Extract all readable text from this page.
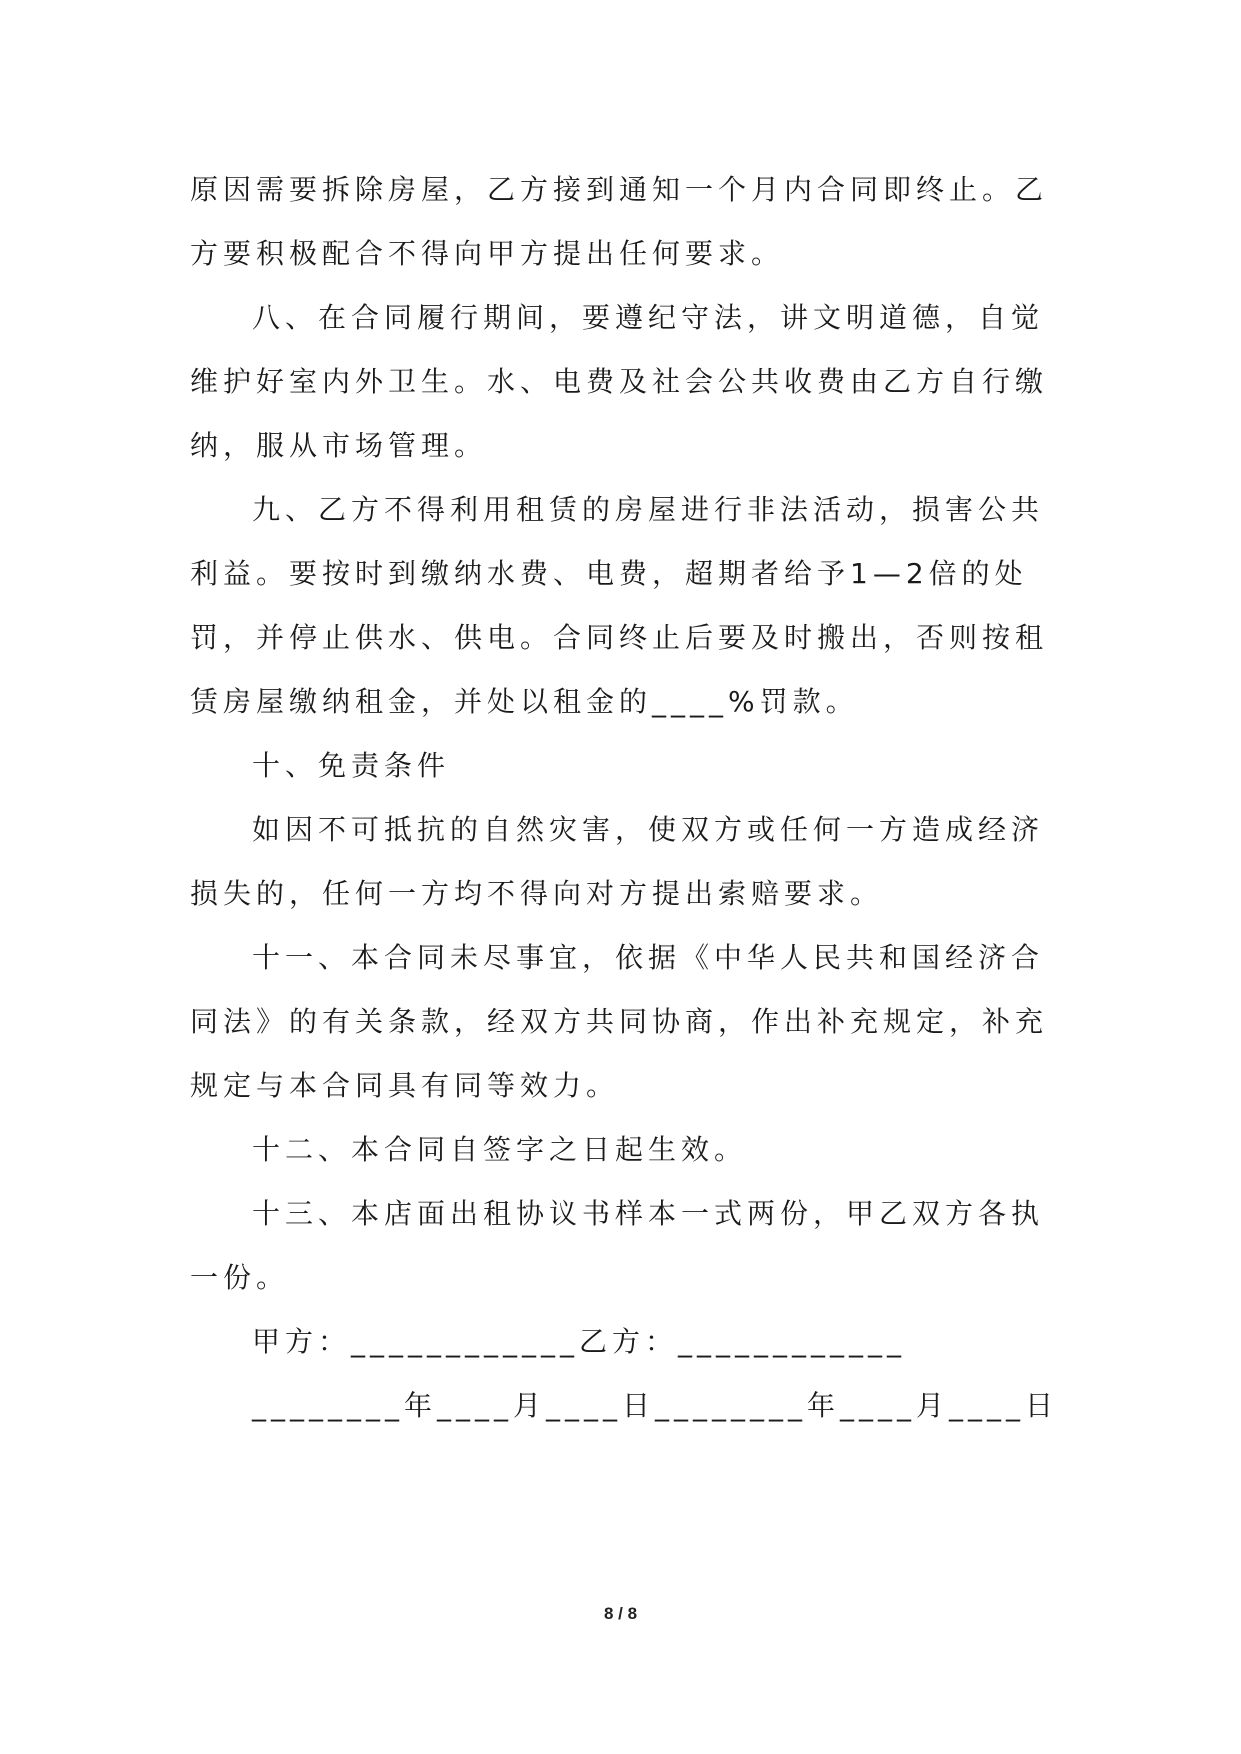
原因需要拆除房屋，乙方接到通知一个月内合同即终止。乙方要积极配合不得向甲方提出任何要求。

八、在合同履行期间，要遵纪守法，讲文明道德，自觉维护好室内外卫生。水、电费及社会公共收费由乙方自行缴纳，服从市场管理。

九、乙方不得利用租赁的房屋进行非法活动，损害公共利益。要按时到缴纳水费、电费，超期者给予1—2倍的处罚，并停止供水、供电。合同终止后要及时搬出，否则按租赁房屋缴纳租金，并处以租金的____%罚款。

十、免责条件

如因不可抵抗的自然灾害，使双方或任何一方造成经济损失的，任何一方均不得向对方提出索赔要求。

十一、本合同未尽事宜，依据《中华人民共和国经济合同法》的有关条款，经双方共同协商，作出补充规定，补充规定与本合同具有同等效力。

十二、本合同自签字之日起生效。

十三、本店面出租协议书样本一式两份，甲乙双方各执一份。

甲方：____________乙方：____________

________年____月____日________年____月____日

8 / 8
